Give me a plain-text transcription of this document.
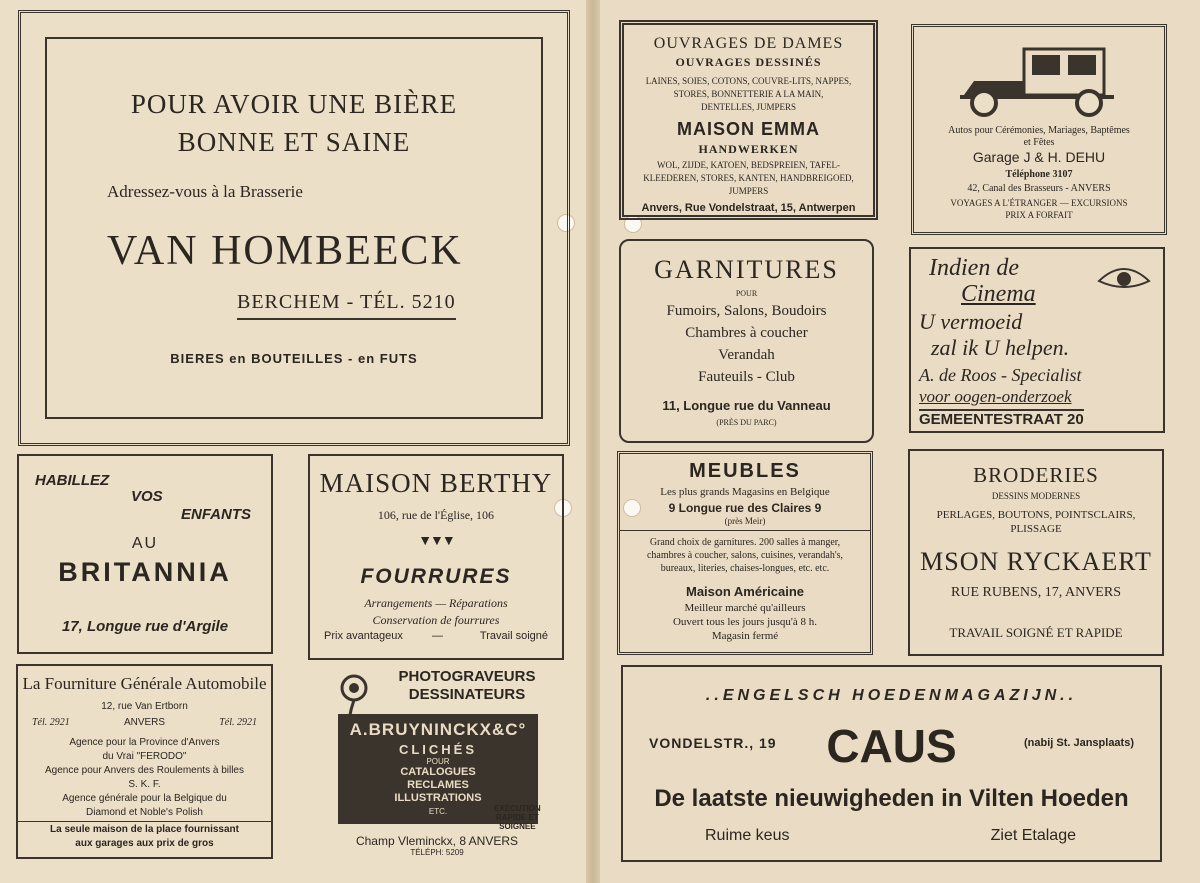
POUR AVOIR UNE BIÈRE
BONNE ET SAINE
Adressez-vous à la Brasserie
VAN HOMBEECK
BERCHEM - TÉL. 5210
BIERES en BOUTEILLES - en FUTS
HABILLEZ
VOS
ENFANTS
AU
BRITANNIA
17, Longue rue d'Argile
MAISON BERTHY
106, rue de l'Église, 106
▼▼▼
FOURRURES
Arrangements — Réparations
Conservation de fourrures
Prix avantageux	—	Travail soigné
La Fourniture Générale Automobile
12, rue Van Ertborn
Tél. 2921	ANVERS	Tél. 2921
Agence pour la Province d'Anvers
du Vrai "FERODO"
Agence pour Anvers des Roulements à billes
S. K. F.
Agence générale pour la Belgique du
Diamond et Noble's Polish
La seule maison de la place fournissant
aux garages aux prix de gros
PHOTOGRAVEURS
DESSINATEURS
A.BRUYNINCKX&C°
CLICHÉS
POUR
CATALOGUES
RECLAMES
ILLUSTRATIONS
ETC.	EXÉCUTION
RAPIDE ET
SOIGNÉE
Champ Vleminckx, 8 ANVERS
TÉLÉPH: 5209
OUVRAGES DE DAMES
OUVRAGES DESSINÉS
LAINES, SOIES, COTONS, COUVRE-LITS, NAPPES,
STORES, BONNETTERIE A LA MAIN,
DENTELLES, JUMPERS
MAISON EMMA
HANDWERKEN
WOL, ZIJDE, KATOEN, BEDSPREIEN, TAFEL-
KLEEDEREN, STORES, KANTEN, HANDBREIGOED,
JUMPERS
Anvers, Rue Vondelstraat, 15, Antwerpen
Autos pour Cérémonies, Mariages, Baptêmes
et Fêtes
Garage J & H. DEHU
Téléphone 3107
42, Canal des Brasseurs - ANVERS
VOYAGES A L'ÉTRANGER — EXCURSIONS
PRIX A FORFAIT
GARNITURES
POUR
Fumoirs, Salons, Boudoirs
Chambres à coucher
Verandah
Fauteuils - Club
11, Longue rue du Vanneau
(PRÈS DU PARC)
Indien de
Cinema
U vermoeid
zal ik U helpen.
A. de Roos - Specialist
voor oogen-onderzoek
GEMEENTESTRAAT 20
MEUBLES
Les plus grands Magasins en Belgique
9 Longue rue des Claires 9
(près Meir)
Grand choix de garnitures. 200 salles à manger,
chambres à coucher, salons, cuisines, verandah's,
bureaux, literies, chaises-longues, etc. etc.
Maison Américaine
Meilleur marché qu'ailleurs
Ouvert tous les jours jusqu'à 8 h.
Magasin fermé
BRODERIES
DESSINS MODERNES
PERLAGES, BOUTONS, POINTSCLAIRS,
PLISSAGE
MSON RYCKAERT
RUE RUBENS, 17, ANVERS
TRAVAIL SOIGNÉ ET RAPIDE
..ENGELSCH HOEDENMAGAZIJN..
VONDELSTR., 19	CAUS	(nabij St. Jansplaats)
De laatste nieuwigheden in Vilten Hoeden
Ruime keus	Ziet Etalage
